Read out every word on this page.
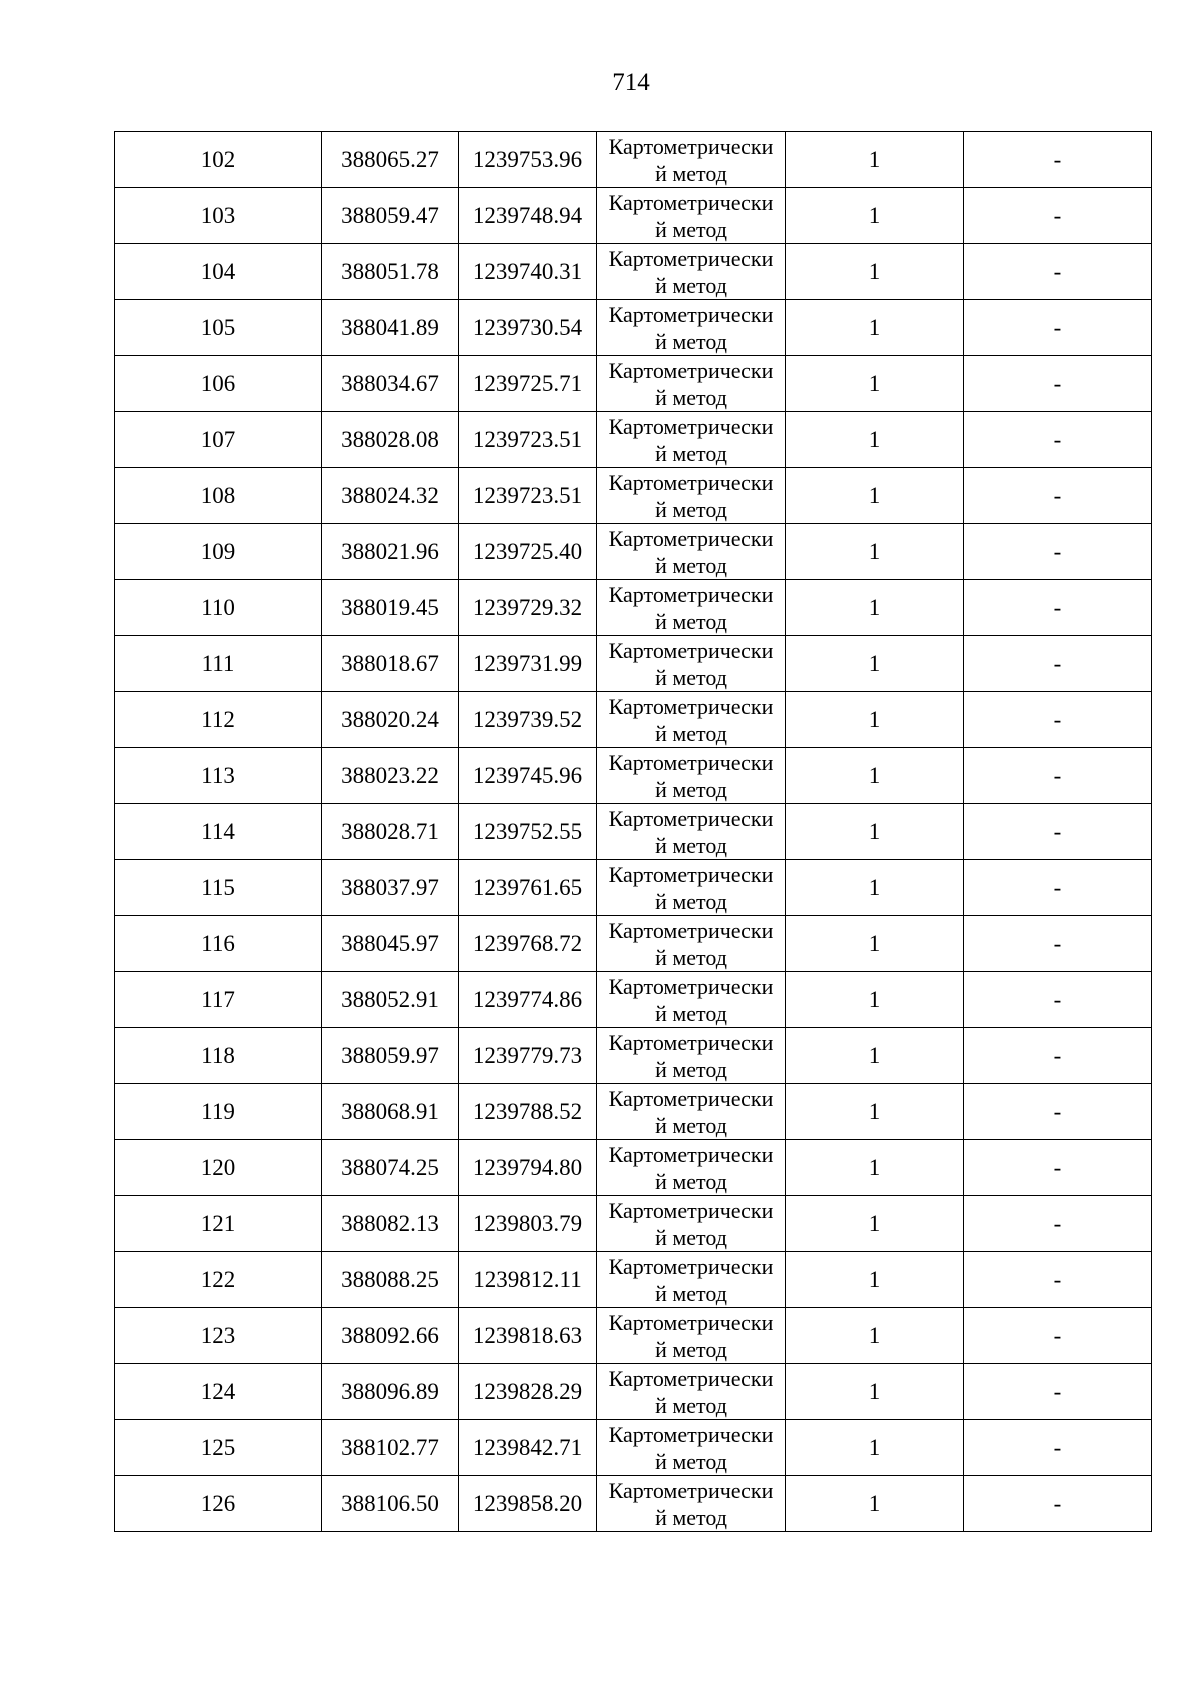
714
102	388065.27	1239753.96	Картометрически
й метод	1	-
103	388059.47	1239748.94	Картометрически
й метод	1	-
104	388051.78	1239740.31	Картометрически
й метод	1	-
105	388041.89	1239730.54	Картометрически
й метод	1	-
106	388034.67	1239725.71	Картометрически
й метод	1	-
107	388028.08	1239723.51	Картометрически
й метод	1	-
108	388024.32	1239723.51	Картометрически
й метод	1	-
109	388021.96	1239725.40	Картометрически
й метод	1	-
110	388019.45	1239729.32	Картометрически
й метод	1	-
111	388018.67	1239731.99	Картометрически
й метод	1	-
112	388020.24	1239739.52	Картометрически
й метод	1	-
113	388023.22	1239745.96	Картометрически
й метод	1	-
114	388028.71	1239752.55	Картометрически
й метод	1	-
115	388037.97	1239761.65	Картометрически
й метод	1	-
116	388045.97	1239768.72	Картометрически
й метод	1	-
117	388052.91	1239774.86	Картометрически
й метод	1	-
118	388059.97	1239779.73	Картометрически
й метод	1	-
119	388068.91	1239788.52	Картометрически
й метод	1	-
120	388074.25	1239794.80	Картометрически
й метод	1	-
121	388082.13	1239803.79	Картометрически
й метод	1	-
122	388088.25	1239812.11	Картометрически
й метод	1	-
123	388092.66	1239818.63	Картометрически
й метод	1	-
124	388096.89	1239828.29	Картометрически
й метод	1	-
125	388102.77	1239842.71	Картометрически
й метод	1	-
126	388106.50	1239858.20	Картометрически
й метод	1	-
